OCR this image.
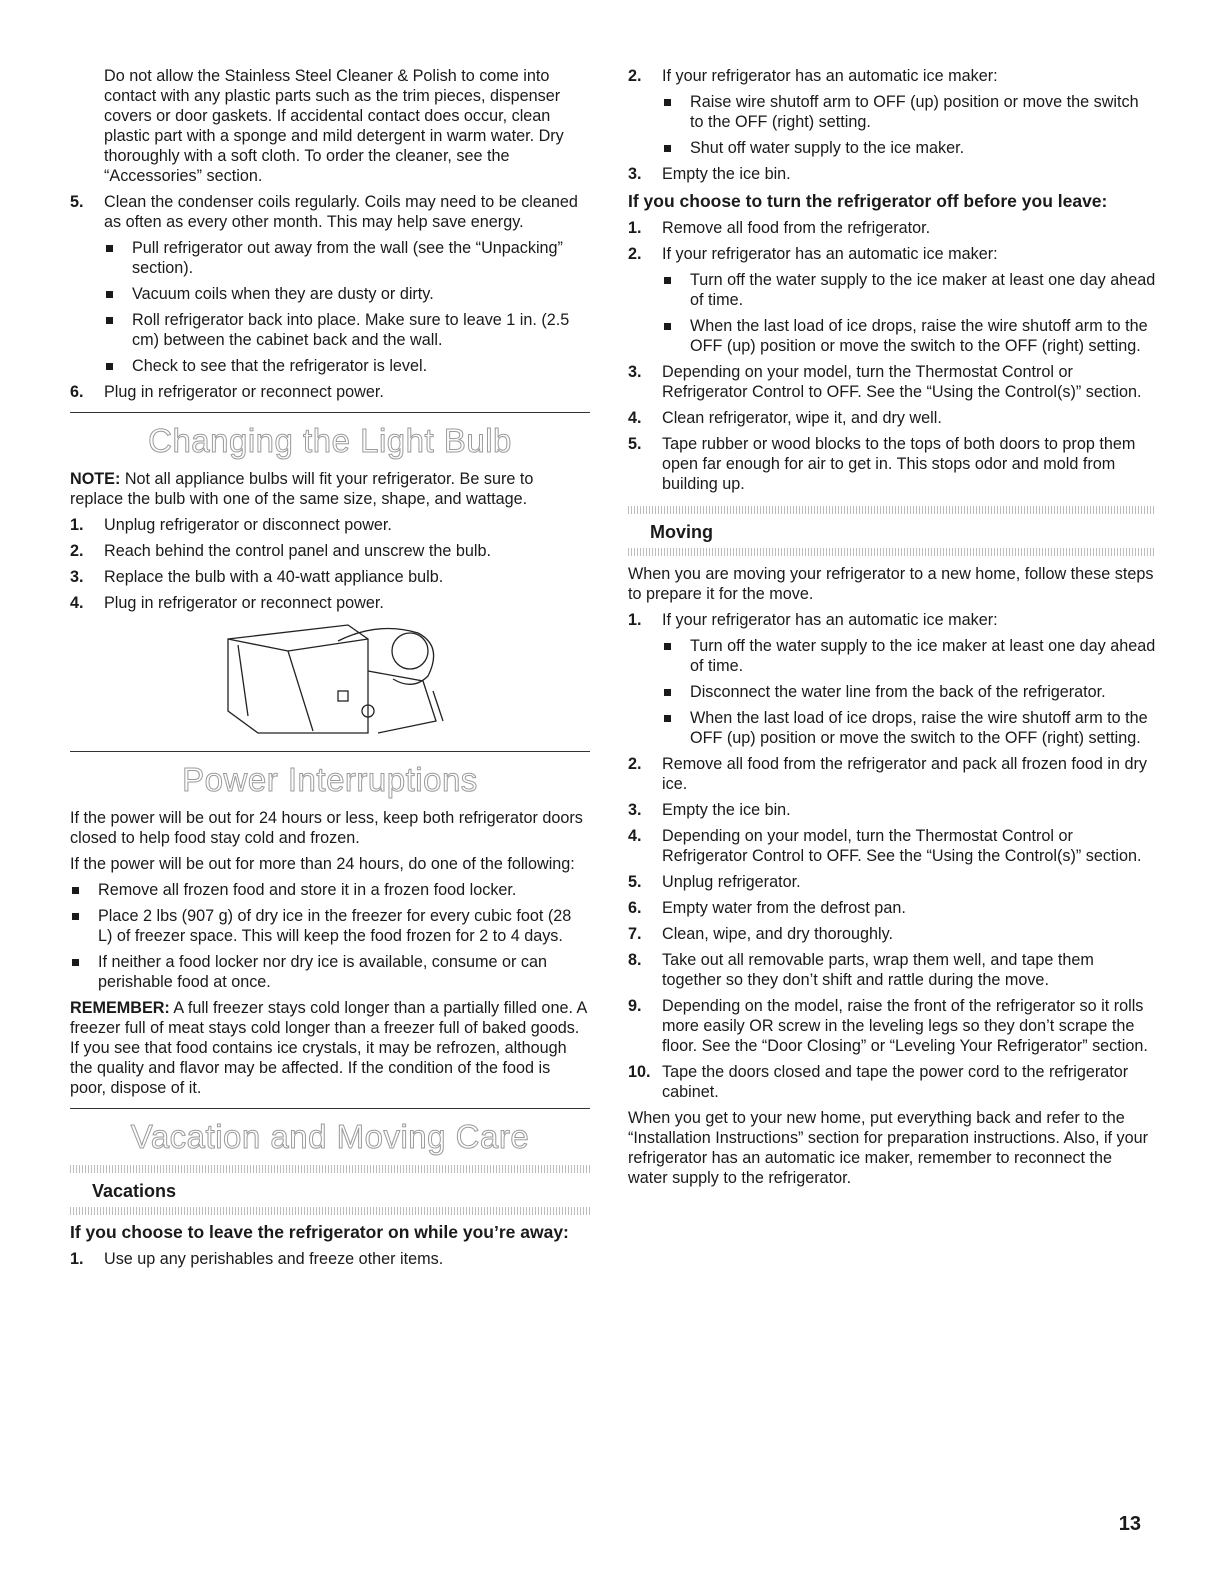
Do not allow the Stainless Steel Cleaner & Polish to come into contact with any plastic parts such as the trim pieces, dispenser covers or door gaskets. If accidental contact does occur, clean plastic part with a sponge and mild detergent in warm water. Dry thoroughly with a soft cloth. To order the cleaner, see the “Accessories” section.

5. Clean the condenser coils regularly. Coils may need to be cleaned as often as every other month. This may help save energy.
Pull refrigerator out away from the wall (see the “Unpacking” section).
Vacuum coils when they are dusty or dirty.
Roll refrigerator back into place. Make sure to leave 1 in. (2.5 cm) between the cabinet back and the wall.
Check to see that the refrigerator is level.
6. Plug in refrigerator or reconnect power.
Changing the Light Bulb

NOTE: Not all appliance bulbs will fit your refrigerator. Be sure to replace the bulb with one of the same size, shape, and wattage.

1. Unplug refrigerator or disconnect power.
2. Reach behind the control panel and unscrew the bulb.
3. Replace the bulb with a 40-watt appliance bulb.
4. Plug in refrigerator or reconnect power.
Power Interruptions

If the power will be out for 24 hours or less, keep both refrigerator doors closed to help food stay cold and frozen.

If the power will be out for more than 24 hours, do one of the following:

Remove all frozen food and store it in a frozen food locker.
Place 2 lbs (907 g) of dry ice in the freezer for every cubic foot (28 L) of freezer space. This will keep the food frozen for 2 to 4 days.
If neither a food locker nor dry ice is available, consume or can perishable food at once.

REMEMBER: A full freezer stays cold longer than a partially filled one. A freezer full of meat stays cold longer than a freezer full of baked goods. If you see that food contains ice crystals, it may be refrozen, although the quality and flavor may be affected. If the condition of the food is poor, dispose of it.

Vacation and Moving Care
Vacations
If you choose to leave the refrigerator on while you’re away:
1. Use up any perishables and freeze other items.
2. If your refrigerator has an automatic ice maker:
Raise wire shutoff arm to OFF (up) position or move the switch to the OFF (right) setting.
Shut off water supply to the ice maker.
3. Empty the ice bin.
If you choose to turn the refrigerator off before you leave:
1. Remove all food from the refrigerator.
2. If your refrigerator has an automatic ice maker:
Turn off the water supply to the ice maker at least one day ahead of time.
When the last load of ice drops, raise the wire shutoff arm to the OFF (up) position or move the switch to the OFF (right) setting.
3. Depending on your model, turn the Thermostat Control or Refrigerator Control to OFF. See the “Using the Control(s)” section.
4. Clean refrigerator, wipe it, and dry well.
5. Tape rubber or wood blocks to the tops of both doors to prop them open far enough for air to get in. This stops odor and mold from building up.
Moving

When you are moving your refrigerator to a new home, follow these steps to prepare it for the move.

1. If your refrigerator has an automatic ice maker:
Turn off the water supply to the ice maker at least one day ahead of time.
Disconnect the water line from the back of the refrigerator.
When the last load of ice drops, raise the wire shutoff arm to the OFF (up) position or move the switch to the OFF (right) setting.
2. Remove all food from the refrigerator and pack all frozen food in dry ice.
3. Empty the ice bin.
4. Depending on your model, turn the Thermostat Control or Refrigerator Control to OFF. See the “Using the Control(s)” section.
5. Unplug refrigerator.
6. Empty water from the defrost pan.
7. Clean, wipe, and dry thoroughly.
8. Take out all removable parts, wrap them well, and tape them together so they don’t shift and rattle during the move.
9. Depending on the model, raise the front of the refrigerator so it rolls more easily OR screw in the leveling legs so they don’t scrape the floor. See the “Door Closing” or “Leveling Your Refrigerator” section.
10. Tape the doors closed and tape the power cord to the refrigerator cabinet.

When you get to your new home, put everything back and refer to the “Installation Instructions” section for preparation instructions. Also, if your refrigerator has an automatic ice maker, remember to reconnect the water supply to the refrigerator.

13
